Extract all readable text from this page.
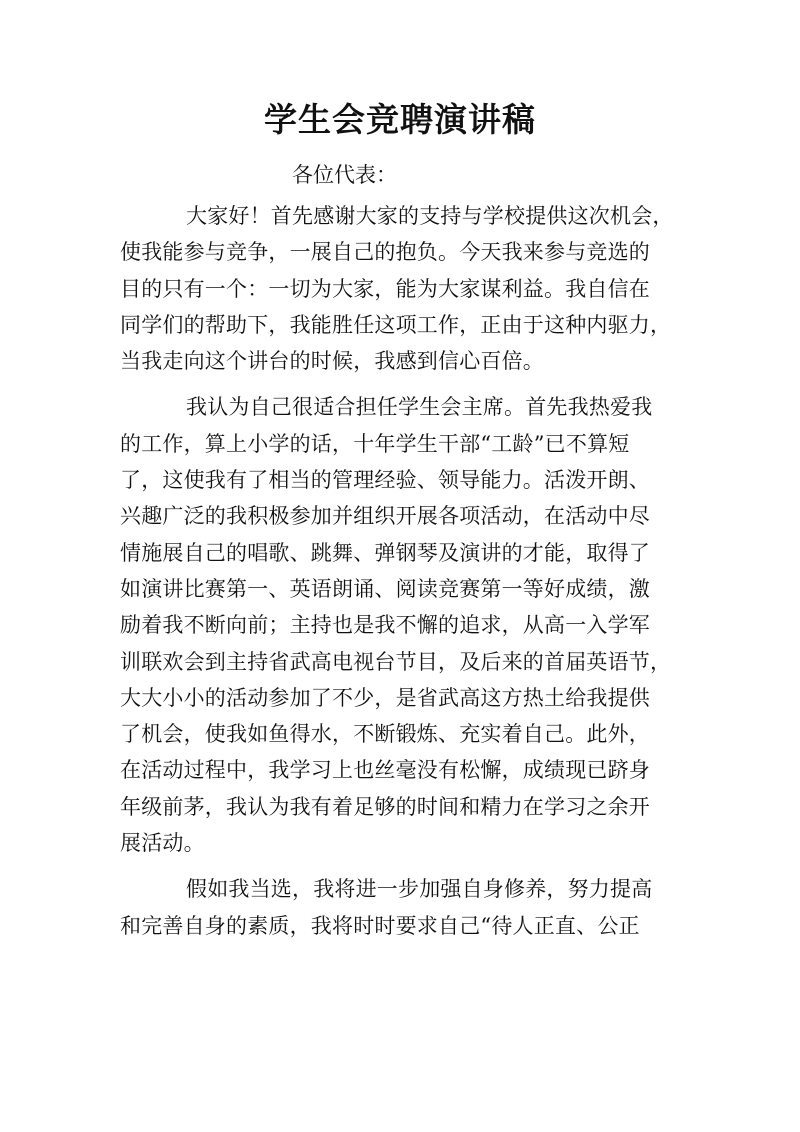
学生会竞聘演讲稿
各位代表：
大家好！首先感谢大家的支持与学校提供这次机会，
使我能参与竞争，一展自己的抱负。今天我来参与竞选的
目的只有一个：一切为大家，能为大家谋利益。我自信在
同学们的帮助下，我能胜任这项工作，正由于这种内驱力，
当我走向这个讲台的时候，我感到信心百倍。
我认为自己很适合担任学生会主席。首先我热爱我
的工作，算上小学的话，十年学生干部“工龄”已不算短
了，这使我有了相当的管理经验、领导能力。活泼开朗、
兴趣广泛的我积极参加并组织开展各项活动，在活动中尽
情施展自己的唱歌、跳舞、弹钢琴及演讲的才能，取得了
如演讲比赛第一、英语朗诵、阅读竞赛第一等好成绩，激
励着我不断向前；主持也是我不懈的追求，从高一入学军
训联欢会到主持省武高电视台节目，及后来的首届英语节，
大大小小的活动参加了不少，是省武高这方热土给我提供
了机会，使我如鱼得水，不断锻炼、充实着自己。此外，
在活动过程中，我学习上也丝毫没有松懈，成绩现已跻身
年级前茅，我认为我有着足够的时间和精力在学习之余开
展活动。
假如我当选，我将进一步加强自身修养，努力提高
和完善自身的素质，我将时时要求自己“待人正直、公正
